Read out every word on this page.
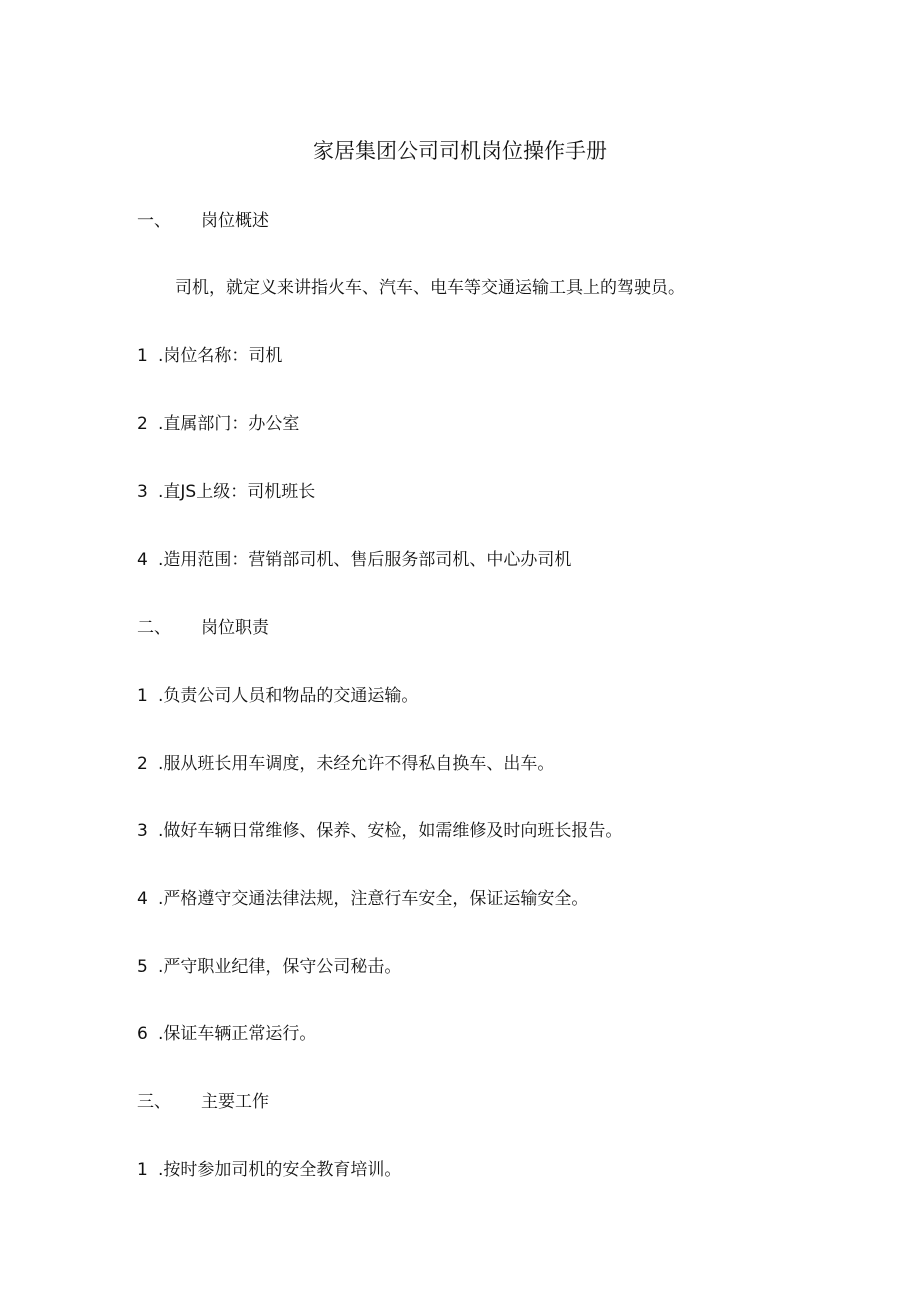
家居集团公司司机岗位操作手册
一、 岗位概述
司机，就定义来讲指火车、汽车、电车等交通运输工具上的驾驶员。
1 .岗位名称：司机
2 .直属部门：办公室
3 .直JS上级：司机班长
4 .造用范围：营销部司机、售后服务部司机、中心办司机
二、 岗位职责
1 .负责公司人员和物品的交通运输。
2 .服从班长用车调度，未经允许不得私自换车、出车。
3 .做好车辆日常维修、保养、安检，如需维修及时向班长报告。
4 .严格遵守交通法律法规，注意行车安全，保证运输安全。
5 .严守职业纪律，保守公司秘击。
6 .保证车辆正常运行。
三、 主要工作
1 .按时参加司机的安全教育培训。
